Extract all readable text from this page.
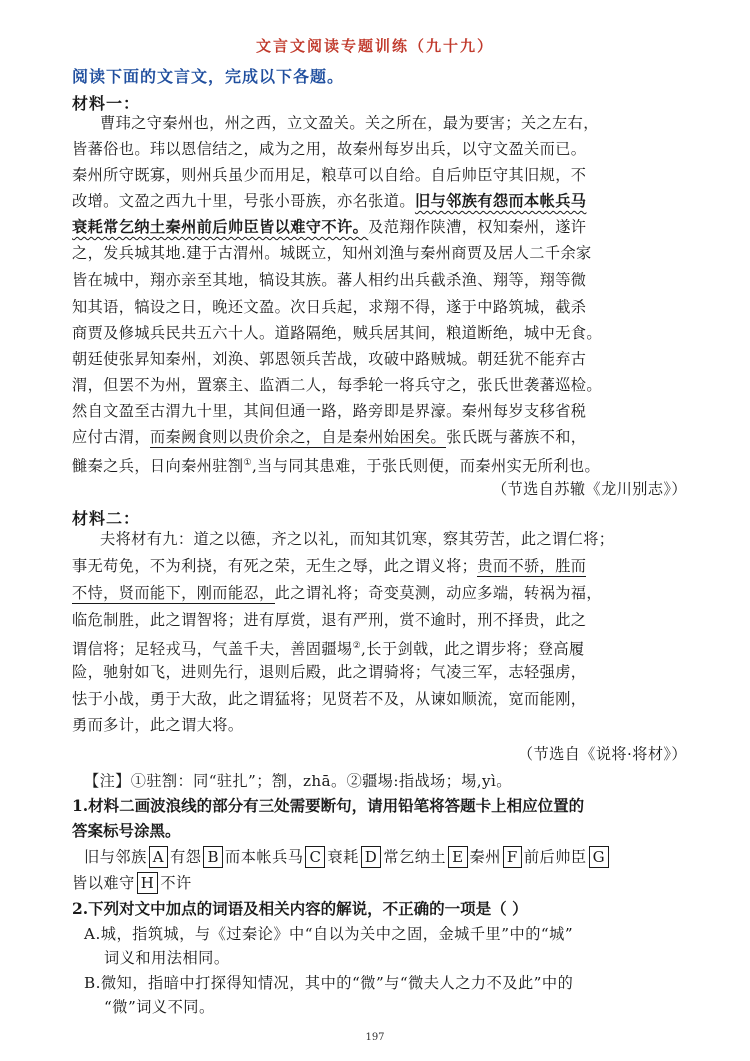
文言文阅读专题训练（九十九）
阅读下面的文言文，完成以下各题。
材料一：
曹玮之守秦州也，州之西，立文盈关。关之所在，最为要害；关之左右，
皆蕃俗也。玮以恩信结之，咸为之用，故秦州每岁出兵，以守文盈关而已。
秦州所守既寡，则州兵虽少而用足，粮草可以自给。自后帅臣守其旧规，不
改增。文盈之西九十里，号张小哥族，亦名张道。旧与邻族有怨而本帐兵马
衰耗常乞纳土秦州前后帅臣皆以难守不许。及范翔作陕漕，权知秦州，遂许
之，发兵城其地.建于古渭州。城既立，知州刘渔与秦州商贾及居人二千余家
皆在城中，翔亦亲至其地，犒设其族。蕃人相约出兵截杀渔、翔等，翔等微
知其语，犒设之日，晚还文盈。次日兵起，求翔不得，遂于中路筑城，截杀
商贾及修城兵民共五六十人。道路隔绝，贼兵居其间，粮道断绝，城中无食。
朝廷使张昇知秦州，刘涣、郭恩领兵苦战，攻破中路贼城。朝廷犹不能弃古
渭，但罢不为州，置寨主、监酒二人，每季轮一将兵守之，张氏世袭蕃巡检。
然自文盈至古渭九十里，其间但通一路，路旁即是界濠。秦州每岁支移省税
应付古渭，而秦阙食则以贵价余之，自是秦州始困矣。张氏既与蕃族不和，
雠秦之兵，日向秦州驻劄①,当与同其患难，于张氏则便，而秦州实无所利也。
（节选自苏辙《龙川别志》）
材料二：
夫将材有九：道之以德，齐之以礼，而知其饥寒，察其劳苦，此之谓仁将；
事无苟免，不为利挠，有死之荣，无生之辱，此之谓义将；贵而不骄，胜而
不恃，贤而能下，刚而能忍，此之谓礼将；奇变莫测，动应多端，转祸为福，
临危制胜，此之谓智将；进有厚赏，退有严刑，赏不逾时，刑不择贵，此之
谓信将；足轻戎马，气盖千夫，善固疆埸②,长于剑戟，此之谓步将；登高履
险，驰射如飞，进则先行，退则后殿，此之谓骑将；气凌三军，志轻强虏，
怯于小战，勇于大敌，此之谓猛将；见贤若不及，从谏如顺流，宽而能刚，
勇而多计，此之谓大将。
（节选自《说将·将材》）
【注】①驻劄：同“驻扎”；劄，zhā。②疆埸:指战场；埸,yì。
1.材料二画波浪线的部分有三处需要断句，请用铅笔将答题卡上相应位置的
答案标号涂黑。
旧与邻族 A 有怨 B 而本帐兵马 C 衰耗 D 常乞纳土 E 秦州 F 前后帅臣 G
皆以难守 H 不许
2.下列对文中加点的词语及相关内容的解说，不正确的一项是（ ）
A.城，指筑城，与《过秦论》中“自以为关中之固，金城千里”中的“城”
词义和用法相同。
B.微知，指暗中打探得知情况，其中的“微”与“微夫人之力不及此”中的
“微”词义不同。
197
